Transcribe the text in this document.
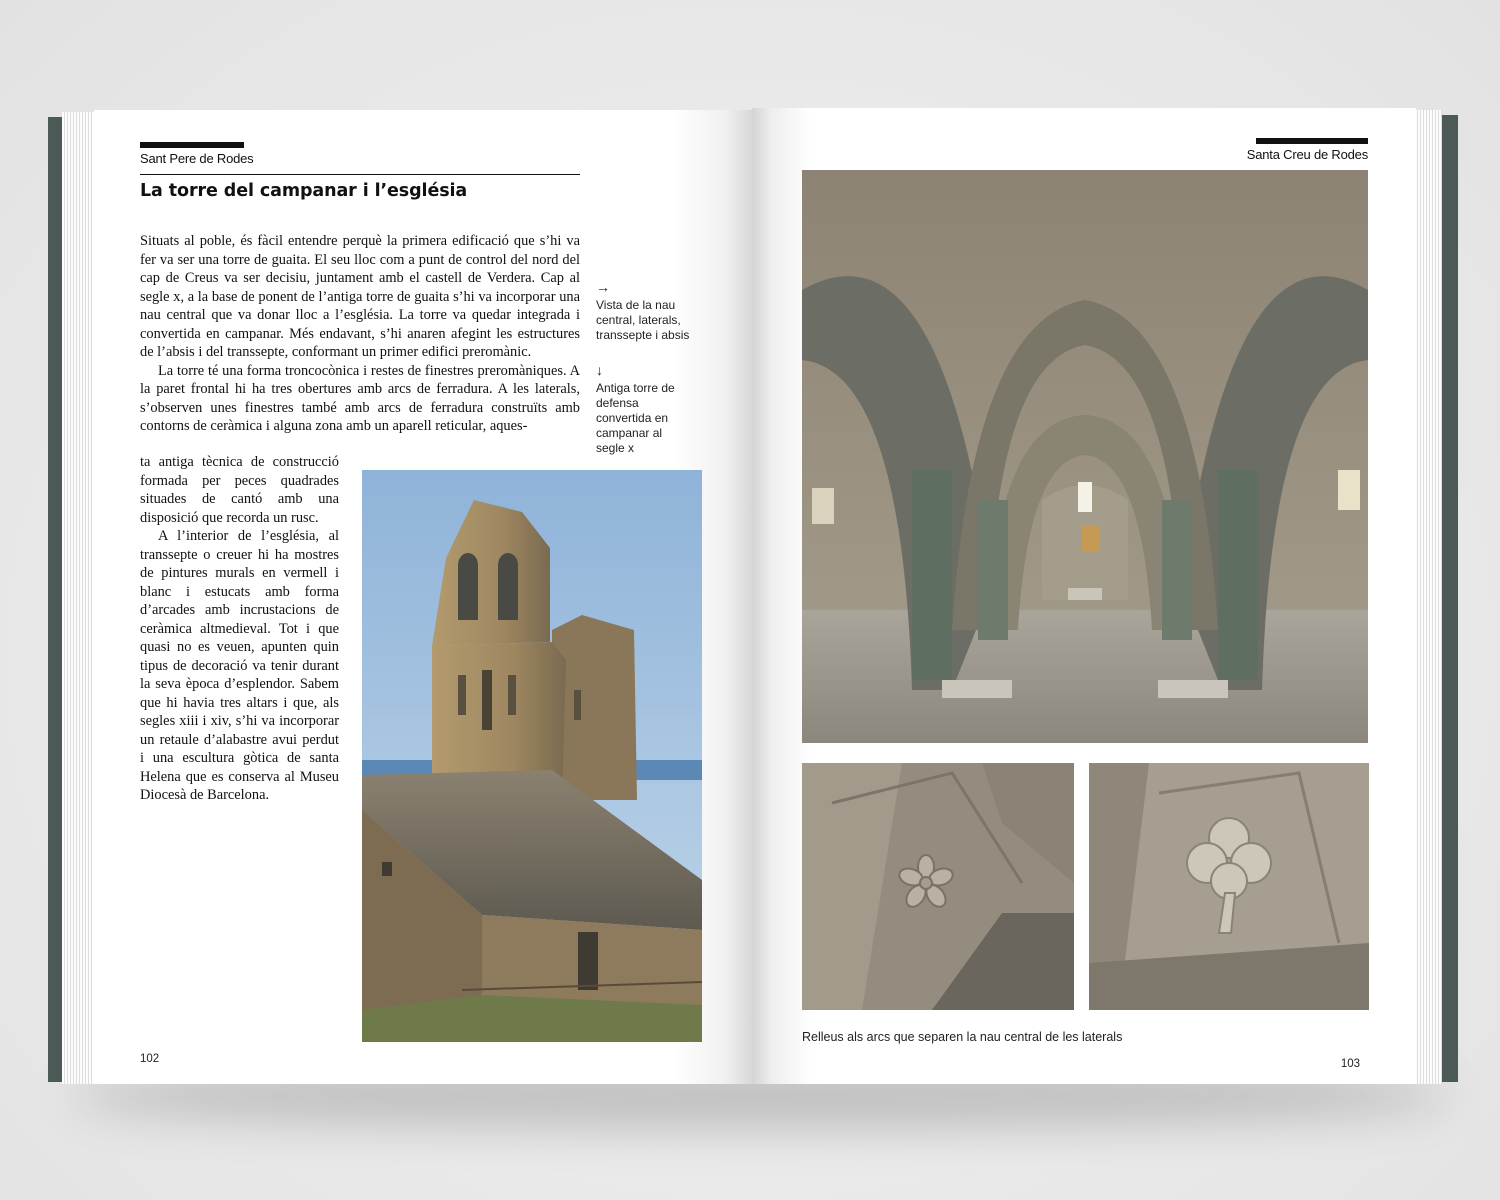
Sant Pere de Rodes
La torre del campanar i l’església

Situats al poble, és fàcil entendre perquè la primera edificació que s’hi va fer va ser una torre de guaita. El seu lloc com a punt de control del nord del cap de Creus va ser decisiu, juntament amb el castell de Verdera. Cap al segle x, a la base de ponent de l’antiga torre de guaita s’hi va incorporar una nau central que va donar lloc a l’església. La torre va quedar integrada i convertida en campanar. Més endavant, s’hi anaren afegint les estructures de l’absis i del transsepte, conformant un primer edifici preromànic.

La torre té una forma troncocònica i restes de finestres preromàniques. A la paret frontal hi ha tres obertures amb arcs de ferradura. A les laterals, s’observen unes finestres també amb arcs de ferradura construïts amb contorns de ceràmica i alguna zona amb un aparell reticular, aques-

ta antiga tècnica de construcció formada per peces quadrades situades de cantó amb una disposició que recorda un rusc.

A l’interior de l’església, al transsepte o creuer hi ha mostres de pintures murals en vermell i blanc i estucats amb forma d’arcades amb incrustacions de ceràmica altmedieval. Tot i que quasi no es veuen, apunten quin tipus de decoració va tenir durant la seva època d’esplendor. Sabem que hi havia tres altars i que, als segles xiii i xiv, s’hi va incorporar un retaule d’alabastre avui perdut i una escultura gòtica de santa Helena que es conserva al Museu Diocesà de Barcelona.

→
Vista de la nau central, laterals, transsepte i absis
↓
Antiga torre de defensa convertida en campanar al segle x
102
Santa Creu de Rodes
Relleus als arcs que separen la nau central de les laterals
103
